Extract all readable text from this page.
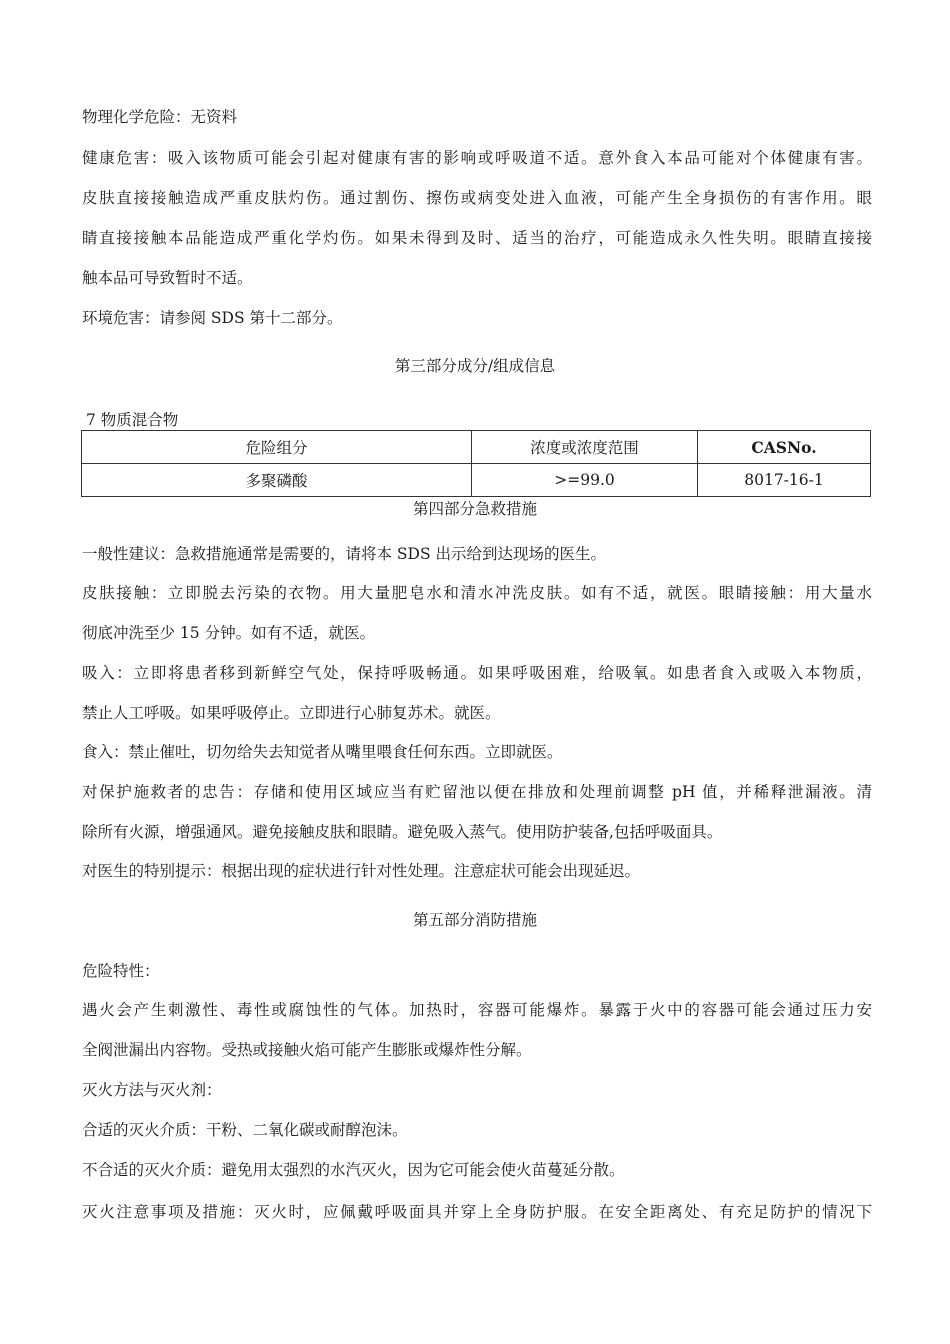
物理化学危险：无资料
健康危害：吸入该物质可能会引起对健康有害的影响或呼吸道不适。意外食入本品可能对个体健康有害。
皮肤直接接触造成严重皮肤灼伤。通过割伤、擦伤或病变处进入血液，可能产生全身损伤的有害作用。眼
睛直接接触本品能造成严重化学灼伤。如果未得到及时、适当的治疗，可能造成永久性失明。眼睛直接接
触本品可导致暂时不适。
环境危害：请参阅 SDS 第十二部分。
第三部分成分/组成信息
7 物质混合物
危险组分	浓度或浓度范围	CASNo.
多聚磷酸	>=99.0	8017-16-1
第四部分急救措施
一般性建议：急救措施通常是需要的，请将本 SDS 出示给到达现场的医生。
皮肤接触：立即脱去污染的衣物。用大量肥皂水和清水冲洗皮肤。如有不适，就医。眼睛接触：用大量水
彻底冲洗至少 15 分钟。如有不适，就医。
吸入：立即将患者移到新鲜空气处，保持呼吸畅通。如果呼吸困难，给吸氧。如患者食入或吸入本物质，
禁止人工呼吸。如果呼吸停止。立即进行心肺复苏术。就医。
食入：禁止催吐，切勿给失去知觉者从嘴里喂食任何东西。立即就医。
对保护施救者的忠告：存储和使用区域应当有贮留池以便在排放和处理前调整 pH 值，并稀释泄漏液。清
除所有火源，增强通风。避免接触皮肤和眼睛。避免吸入蒸气。使用防护装备,包括呼吸面具。
对医生的特别提示：根据出现的症状进行针对性处理。注意症状可能会出现延迟。
第五部分消防措施
危险特性：
遇火会产生刺激性、毒性或腐蚀性的气体。加热时，容器可能爆炸。暴露于火中的容器可能会通过压力安
全阀泄漏出内容物。受热或接触火焰可能产生膨胀或爆炸性分解。
灭火方法与灭火剂：
合适的灭火介质：干粉、二氧化碳或耐醇泡沫。
不合适的灭火介质：避免用太强烈的水汽灭火，因为它可能会使火苗蔓延分散。
灭火注意事项及措施：灭火时，应佩戴呼吸面具并穿上全身防护服。在安全距离处、有充足防护的情况下
